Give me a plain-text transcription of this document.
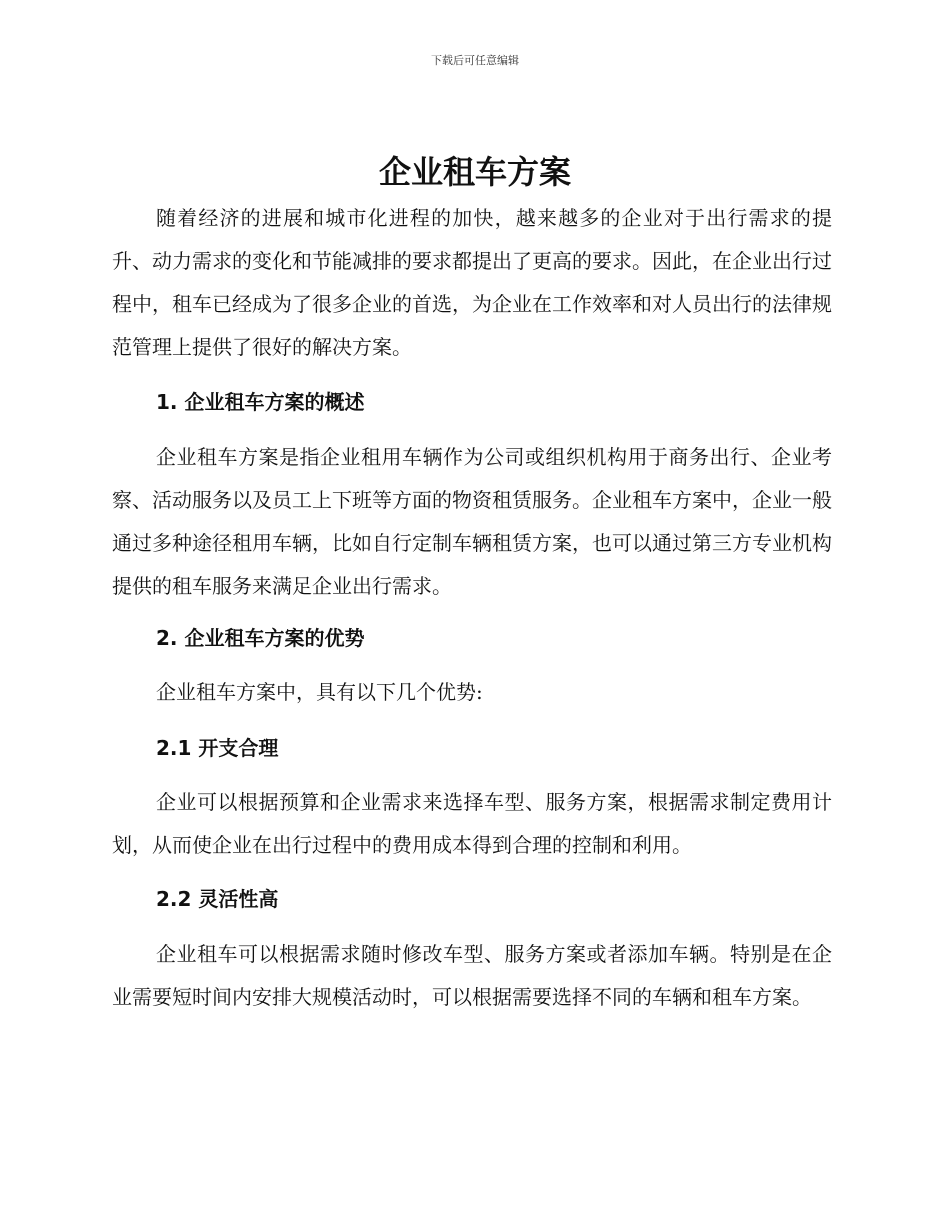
下载后可任意编辑
企业租车方案

随着经济的进展和城市化进程的加快，越来越多的企业对于出行需求的提升、动力需求的变化和节能减排的要求都提出了更高的要求。因此，在企业出行过程中，租车已经成为了很多企业的首选，为企业在工作效率和对人员出行的法律规范管理上提供了很好的解决方案。

1. 企业租车方案的概述

企业租车方案是指企业租用车辆作为公司或组织机构用于商务出行、企业考察、活动服务以及员工上下班等方面的物资租赁服务。企业租车方案中，企业一般通过多种途径租用车辆，比如自行定制车辆租赁方案，也可以通过第三方专业机构提供的租车服务来满足企业出行需求。

2. 企业租车方案的优势

企业租车方案中，具有以下几个优势:

2.1 开支合理

企业可以根据预算和企业需求来选择车型、服务方案，根据需求制定费用计划，从而使企业在出行过程中的费用成本得到合理的控制和利用。

2.2 灵活性高

企业租车可以根据需求随时修改车型、服务方案或者添加车辆。特别是在企业需要短时间内安排大规模活动时，可以根据需要选择不同的车辆和租车方案。
